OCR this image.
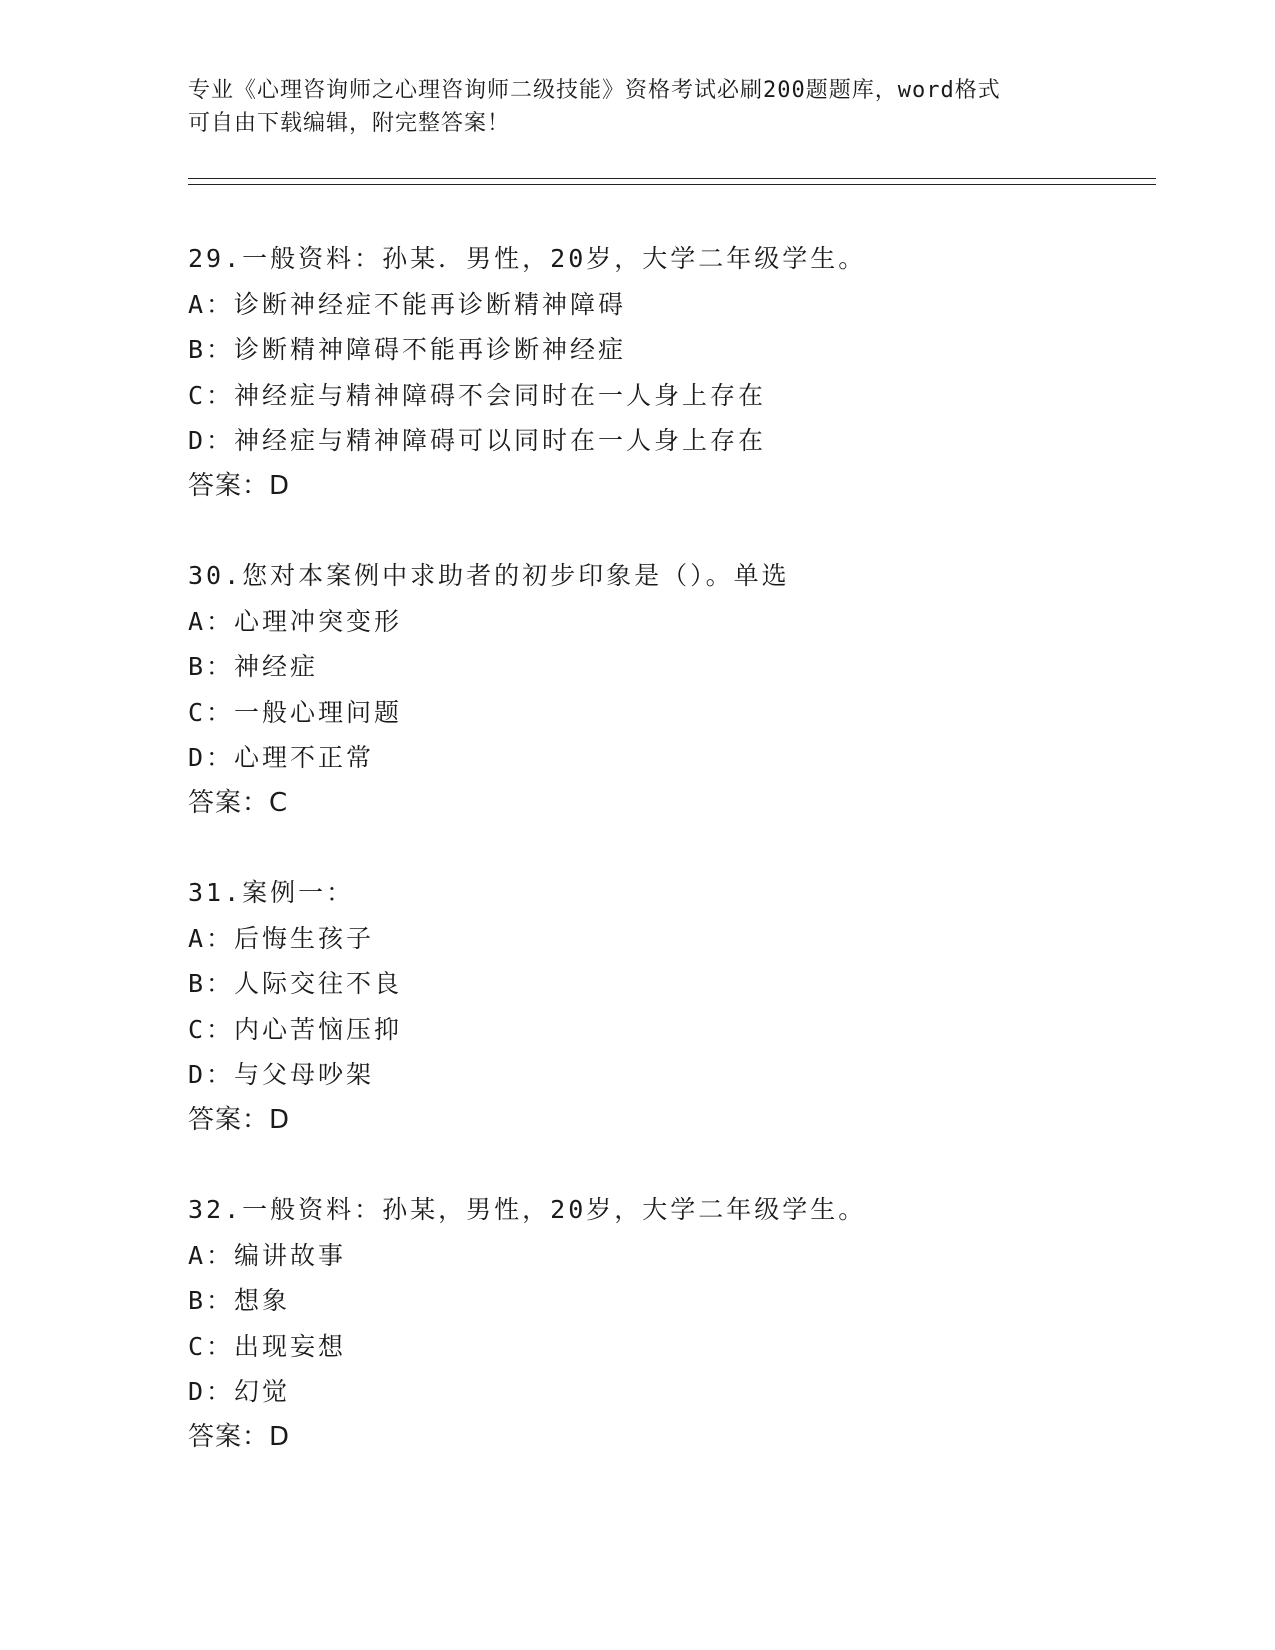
专业《心理咨询师之心理咨询师二级技能》资格考试必刷200题题库，word格式
可自由下载编辑，附完整答案！
29.一般资料：孙某．男性，20岁，大学二年级学生。
A：诊断神经症不能再诊断精神障碍
B：诊断精神障碍不能再诊断神经症
C：神经症与精神障碍不会同时在一人身上存在
D：神经症与精神障碍可以同时在一人身上存在
答案：D
30.您对本案例中求助者的初步印象是（）。单选
A：心理冲突变形
B：神经症
C：一般心理问题
D：心理不正常
答案：C
31.案例一：
A：后悔生孩子
B：人际交往不良
C：内心苦恼压抑
D：与父母吵架
答案：D
32.一般资料：孙某，男性，20岁，大学二年级学生。
A：编讲故事
B：想象
C：出现妄想
D：幻觉
答案：D
